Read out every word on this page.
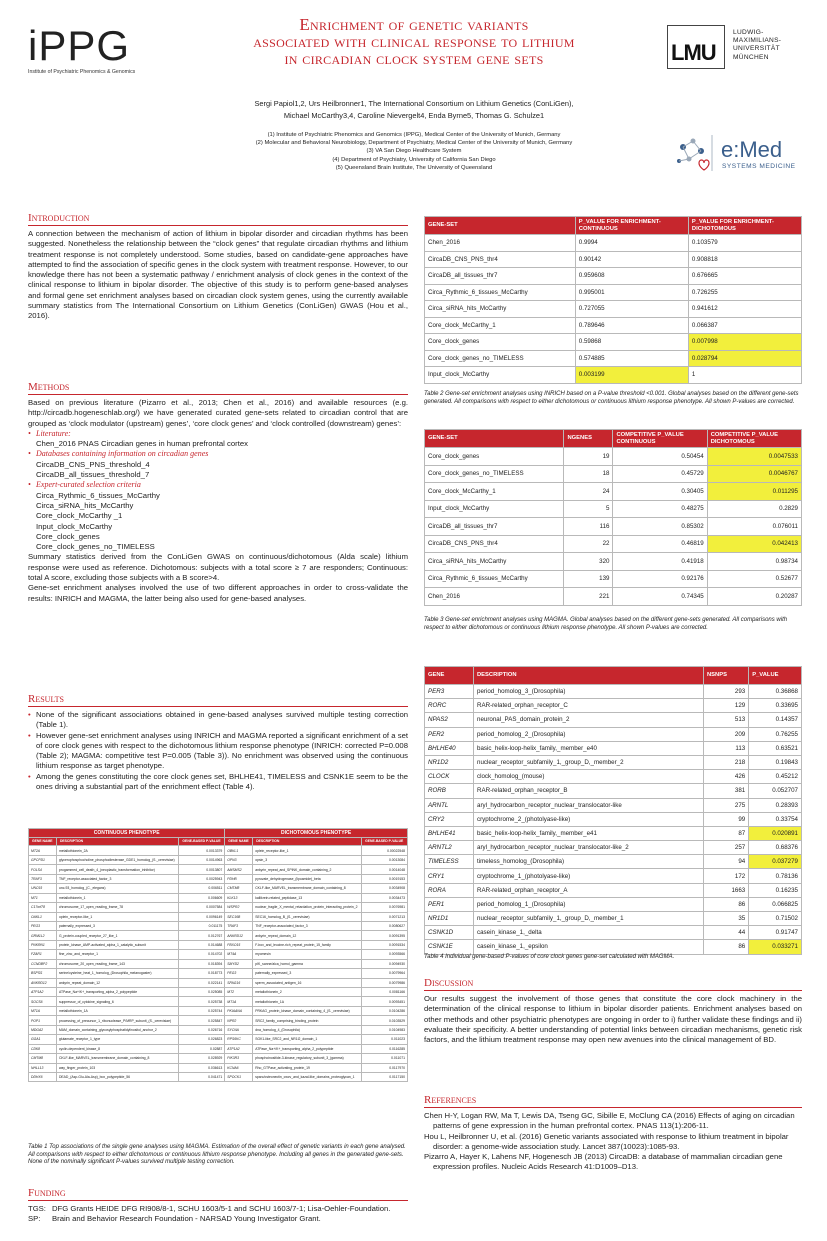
iPPG
Institute of Psychiatric Phenomics & Genomics
Enrichment of genetic variants
associated with clinical response to lithium
in circadian clock system gene sets
Sergi Papiol1,2, Urs Heilbronner1, The International Consortium on Lithium Genetics (ConLiGen),
Michael McCarthy3,4, Caroline Nievergelt4, Enda Byrne5, Thomas G. Schulze1
(1) Institute of Psychiatric Phenomics and Genomics (IPPG), Medical Center of the University of Munich, Germany
(2) Molecular and Behavioral Neurobiology, Department of Psychiatry, Medical Center of the University of Munich, Germany
(3) VA San Diego Healthcare System
(4) Department of Psychiatry, University of California San Diego
(5) Queensland Brain Institute, The University of Queensland
LMU
LUDWIG-
MAXIMILIANS-
UNIVERSITÄT
MÜNCHEN
e:Med
SYSTEMS MEDICINE
Introduction

A connection between the mechanism of action of lithium in bipolar disorder and circadian rhythms has been suggested. Nonetheless the relationship between the “clock genes” that regulate circadian rhythms and lithium treatment response is not completely understood. Some studies, based on candidate-gene approaches have attempted to find the association of specific genes in the clock system with treatment response. However, to our knowledge there has not been a systematic pathway / enrichment analysis of clock genes in the context of the clinical response to lithium in bipolar disorder. The objective of this study is to perform gene-based analyses and formal gene set enrichment analyses based on circadian clock system genes, using the currently available summary statistics from The International Consortium on Lithium Genetics (ConLiGen) GWAS (Hou et al., 2016).

Methods

Based on previous literature (Pizarro et al., 2013; Chen et al., 2016) and available resources (e.g. http://circadb.hogeneschlab.org/) we have generated curated gene-sets related to circadian control that are grouped as ‘clock modulator (upstream) genes’, ‘core clock genes’ and ‘clock controlled (downstream) genes’:

• Literature:
Chen_2016 PNAS Circadian genes in human prefrontal cortex
• Databases containing information on circadian genes
CircaDB_CNS_PNS_threshold_4
CircaDB_all_tissues_threshold_7
• Expert-curated selection criteria
Circa_Rythmic_6_tissues_McCarthy
Circa_siRNA_hits_McCarthy
Core_clock_McCarthy _1
Input_clock_McCarthy
Core_clock_genes
Core_clock_genes_no_TIMELESS

Summary statistics derived from the ConLiGen GWAS on continuous/dichotomous (Alda scale) lithium response were used as reference. Dichotomous: subjects with a total score ≥ 7 are responders; Continuous: total A score, excluding those subjects with a B score>4.

Gene-set enrichment analyses involved the use of two different approaches in order to cross-validate the results: INRICH and MAGMA, the latter being also used for gene-based analyses.

Results
• None of the significant associations obtained in gene-based analyses survived multiple testing correction (Table 1).
• However gene-set enrichment analyses using INRICH and MAGMA reported a significant enrichment of a set of core clock genes with respect to the dichotomous lithium response phenotype (INRICH: corrected P=0.008 (Table 2); MAGMA: competitive test P=0.005 (Table 3)). No enrichment was observed using the continuous lithium response as target phenotype.
• Among the genes constituting the core clock genes set, BHLHE41, TIMELESS and CSNK1E seem to be the ones driving a substantial part of the enrichment effect (Table 4).
CONTINUOUS PHENOTYPE			DICHOTOMOUS PHENOTYPE		
GENE NAME	DESCRIPTION	GENE-BASED P-VALUE	GENE NAME	DESCRIPTION	GENE-BASED P-VALUE
MT2A	metallothionein_2A	0.0013379	OBKL1	oplein_receptor-like_1	0.00022548
GPCPD1	glycerophosphocholine_phosphodiesterase_GDE1_homolog_(S._cerevisiae)	0.0014963	OPN3	opsin_3	0.0013084
FOLS4	progammed_cell_death_4_(neoplastic_transformation_inhibitor)	0.0013807	AMSMS2	ankyrin_repeat_and_SPINK_domain_containing_2	0.0014048
TRAF3	TNF_receptor-associated_factor_3	0.0025943	PDHB	pyruvate_dehydrogenase_(lipoamide)_beta	0.0019153
UNC93	unc-93_homolog_(C._elegans)	0.006511	CMTM8	CKLF-like_MARVEL_transmembrane_domain_containing_8	0.0034908
MT1	metallothionein_1	0.006609	KLK13	kallikrein-related_peptidase_13	0.0034473
C17orf78	chromosome_17_open_reading_frame_78	0.0007584	WSPR2	nuclear_fragile_X_mental_retardation_protein_interacting_protein_2	0.0076981
OAKL1	oplein_receptor-like_1	0.0096149	SEC16B	SEC16_homolog_B_(S._cerevisiae)	0.0071213
PEG3	paternally_expressed_3	0.011175	TRAF3	TNF_receptor-associated_factor_3	0.0080627
GRM1L2	G_protein-coupled_receptor_27_like_1	0.012767	ANKRD12	ankyrin_repeat_domain_12	0.0091395
PNKRN1	protein_kinase_AMP-activated_alpha_1_catalytic_subunit	0.014688	FBXO15	F-box_and_leucine-rich_repeat_protein_15_family	0.0091534
FZAR1	fine_zinc_and_receptor_1	0.014702	MT4A	myomesin	0.0093566
CCNDBP2	chromosome_20_open_reading_frame_143	0.018394	SMYD2	pIK_sanne/alca_homol_gamma	0.0094930
BSPSS	serine/cysteine_heat_1_homolog_(Drosophila_melanogaster)	0.018773	PEG3	paternally_expressed_3	0.0079964
ANKRD12	ankyrin_repeat_domain_12	0.022141	SPAG16	sperm_associated_antigen_16	0.0079986
ATP1A2	ATPase_Na+/K+_transporting_alpha_2_polypeptide	0.025085	MT2	metallothionein_2	0.0081166
SOCS6	suppressor_of_cytokine_signaling_6	0.025738	MT1A	metallothionein_1A	0.0093451
MT1A	metallothionein_1A	0.025744	PKIAANA	PRKAG_protein_kinase_domain_containing_4_(S._cerevisiae)	0.0104286
POP1	processing_of_precursor_1_ribonuclease_P/MRP_subunit_(S._cerevisiae)	0.025847	NPR2	SRC2_family_comprising_binding_protein	0.0103529
MDGA2	MAM_domain_containing_glycosylphosphatidylinositol_anchor_2	0.026716	SYCNA	dna_homolog_4_(Drosophila)	0.0104983
GGA1	glutamate_receptor_1_type	0.026823	RPS6KC	SGK1-like_SRC2_and_NR1I2_domain_1	0.011023
CDK8	cyclin-dependent_kinase_8	0.02887	ATP1A2	ATPase_Na+/K+_transporting_alpha_2_polypeptide	0.0116285
CMTM8	CKLF-like_MARVEL_transmembrane_domain_containing_8	0.028929	PIK3R3	phosphoinositide-3-kinase_regulatory_subunit_3_(gamma)	0.011071
NHLL13	way_finger_protein_103	0.036613	KCNA6	Rho_GTPase_activating_protein_19	0.0117970
DDHX6	DEAD_(Asp-Glu-Ala-Asp)_box_polypeptide_56	0.041471	SPOCK1	sparc/osteonectin_cwcv_and_kazal-like_domains_proteoglycan_1	0.0117150
Table 1 Top associations of the single gene analyses using MAGMA. Estimation of the overall effect of genetic variants in each gene analysed. All comparisons with respect to either dichotomous or continuous lithium response phenotype. Including all genes in the generated gene-sets. None of the nominally significant P-values survived multiple testing correction.
Funding
TGS: DFG Grants HEIDE DFG RI908/8-1, SCHU 1603/5-1 and SCHU 1603/7-1; Lisa-Oehler-Foundation.
SP:	Brain and Behavior Research Foundation - NARSAD Young Investigator Grant.
GENE-SET	P_VALUE FOR ENRICHMENT- CONTINUOUS	P_VALUE FOR ENRICHMENT- DICHOTOMOUS
Chen_2016	0.9994	0.103579
CircaDB_CNS_PNS_thr4	0.90142	0.908818
CircaDB_all_tissues_thr7	0.959608	0.676665
Circa_Rythmic_6_tissues_McCarthy	0.995001	0.726255
Circa_siRNA_hits_McCarthy	0.727055	0.941612
Core_clock_McCarthy_1	0.789646	0.066387
Core_clock_genes	0.59868	0.007998
Core_clock_genes_no_TIMELESS	0.574885	0.028794
Input_clock_McCarthy	0.003199	1
Table 2 Gene-set enrichment analyses using INRICH based on a P-value threshold <0.001. Global analyses based on the different gene-sets generated. All comparisons with respect to either dichotomous or continuous lithium response phenotype. All shown P-values are corrected.
GENE-SET	NGENES	COMPETITIVE P_VALUE CONTINUOUS	COMPETITIVE P_VALUE DICHOTOMOUS
Core_clock_genes	19	0.50454	0.0047533
Core_clock_genes_no_TIMELESS	18	0.45729	0.0046767
Core_clock_McCarthy_1	24	0.30405	0.011295
Input_clock_McCarthy	5	0.48275	0.2829
CircaDB_all_tissues_thr7	116	0.85302	0.076011
CircaDB_CNS_PNS_thr4	22	0.46819	0.042413
Circa_siRNA_hits_McCarthy	320	0.41918	0.98734
Circa_Rythmic_6_tissues_McCarthy	139	0.92176	0.52677
Chen_2016	221	0.74345	0.20287
Table 3 Gene-set enrichment analyses using MAGMA. Global analyses based on the different gene-sets generated. All comparisons with respect to either dichotomous or continuous lithium response phenotype. All shown P-values are corrected.
GENE	DESCRIPTION	NSNPS	P_VALUE
PER3	period_homolog_3_(Drosophila)	293	0.36868
RORC	RAR-related_orphan_receptor_C	129	0.33695
NPAS2	neuronal_PAS_domain_protein_2	513	0.14357
PER2	period_homolog_2_(Drosophila)	209	0.76255
BHLHE40	basic_helix-loop-helix_family,_member_e40	113	0.63521
NR1D2	nuclear_receptor_subfamily_1,_group_D,_member_2	218	0.19843
CLOCK	clock_homolog_(mouse)	426	0.45212
RORB	RAR-related_orphan_receptor_B	381	0.052707
ARNTL	aryl_hydrocarbon_receptor_nuclear_translocator-like	275	0.28393
CRY2	cryptochrome_2_(photolyase-like)	99	0.33754
BHLHE41	basic_helix-loop-helix_family,_member_e41	87	0.020891
ARNTL2	aryl_hydrocarbon_receptor_nuclear_translocator-like_2	257	0.68376
TIMELESS	timeless_homolog_(Drosophila)	94	0.037279
CRY1	cryptochrome_1_(photolyase-like)	172	0.78136
RORA	RAR-related_orphan_receptor_A	1663	0.16235
PER1	period_homolog_1_(Drosophila)	86	0.066825
NR1D1	nuclear_receptor_subfamily_1,_group_D,_member_1	35	0.71502
CSNK1D	casein_kinase_1,_delta	44	0.91747
CSNK1E	casein_kinase_1,_epsilon	86	0.033271
Table 4 Individual gene-based P-values of core clock genes gene-set calculated with MAGMA.
Discussion

Our results suggest the involvement of those genes that constitute the core clock machinery in the determination of the clinical response to lithium in bipolar disorder patients. Enrichment analyses based on other methods and other psychiatric phenotypes are ongoing in order to i) further validate these findings and ii) evaluate their specificity. A better understanding of potential links between circadian mechanisms, genetic risk factors, and the lithium treatment response may open new avenues into the clinical management of BD.

References
Chen H-Y, Logan RW, Ma T, Lewis DA, Tseng GC, Sibille E, McClung CA (2016) Effects of aging on circadian patterns of gene expression in the human prefrontal cortex. PNAS 113(1):206-11.
Hou L, Heilbronner U, et al. (2016) Genetic variants associated with response to lithium treatment in bipolar disorder: a genome-wide association study. Lancet 387(10023):1085-93.
Pizarro A, Hayer K, Lahens NF, Hogenesch JB (2013) CircaDB: a database of mammalian circadian gene expression profiles. Nucleic Acids Research 41:D1009–D13.
